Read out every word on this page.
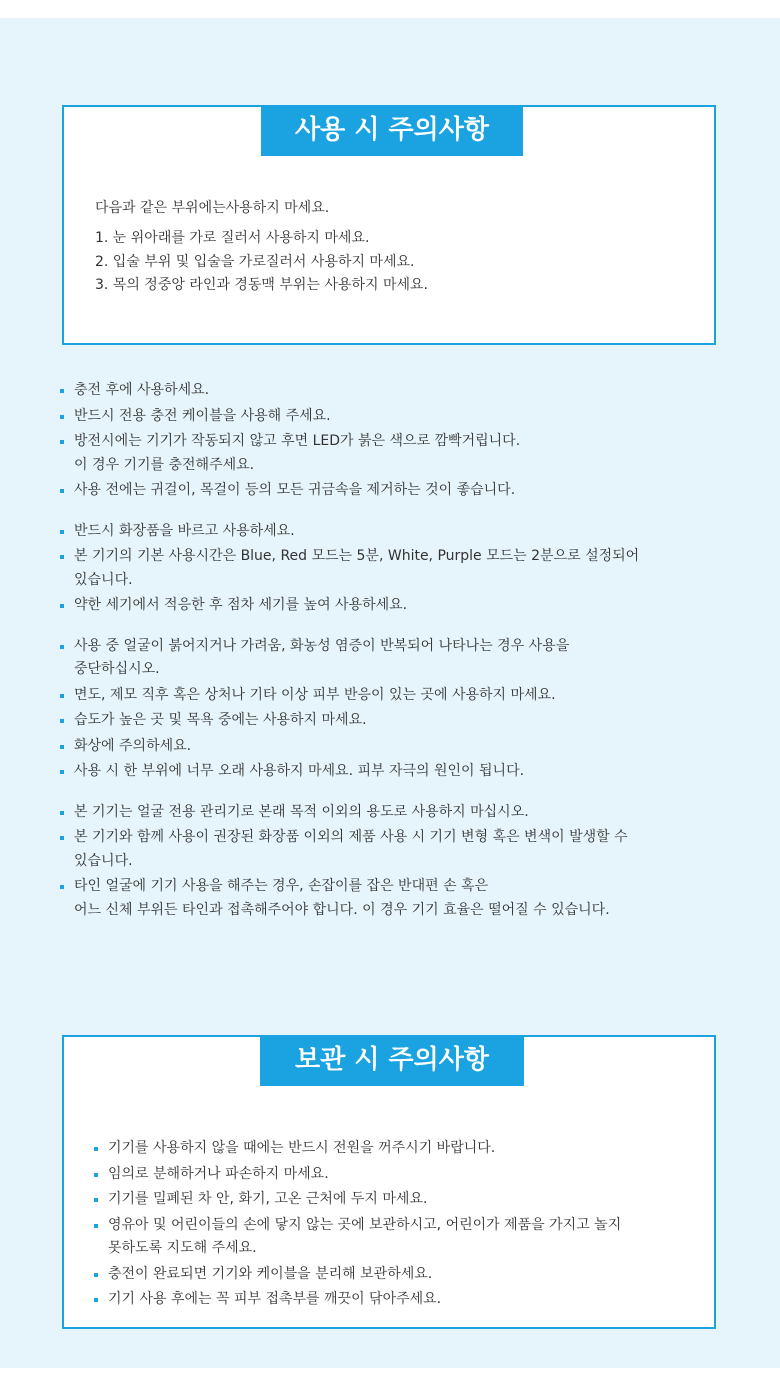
사용 시 주의사항
다음과 같은 부위에는사용하지 마세요.
1. 눈 위아래를 가로 질러서 사용하지 마세요.
2. 입술 부위 및 입술을 가로질러서 사용하지 마세요.
3. 목의 정중앙 라인과 경동맥 부위는 사용하지 마세요.
충전 후에 사용하세요.
반드시 전용 충전 케이블을 사용해 주세요.
방전시에는 기기가 작동되지 않고 후면 LED가 붉은 색으로 깜빡거립니다.
이 경우 기기를 충전해주세요.
사용 전에는 귀걸이, 목걸이 등의 모든 귀금속을 제거하는 것이 좋습니다.
반드시 화장품을 바르고 사용하세요.
본 기기의 기본 사용시간은 Blue, Red 모드는 5분, White, Purple 모드는 2분으로 설정되어
있습니다.
약한 세기에서 적응한 후 점차 세기를 높여 사용하세요.
사용 중 얼굴이 붉어지거나 가려움, 화농성 염증이 반복되어 나타나는 경우 사용을
중단하십시오.
면도, 제모 직후 혹은 상처나 기타 이상 피부 반응이 있는 곳에 사용하지 마세요.
습도가 높은 곳 및 목욕 중에는 사용하지 마세요.
화상에 주의하세요.
사용 시 한 부위에 너무 오래 사용하지 마세요. 피부 자극의 원인이 됩니다.
본 기기는 얼굴 전용 관리기로 본래 목적 이외의 용도로 사용하지 마십시오.
본 기기와 함께 사용이 권장된 화장품 이외의 제품 사용 시 기기 변형 혹은 변색이 발생할 수
있습니다.
타인 얼굴에 기기 사용을 해주는 경우, 손잡이를 잡은 반대편 손 혹은
어느 신체 부위든 타인과 접촉해주어야 합니다. 이 경우 기기 효율은 떨어질 수 있습니다.
보관 시 주의사항
기기를 사용하지 않을 때에는 반드시 전원을 꺼주시기 바랍니다.
임의로 분해하거나 파손하지 마세요.
기기를 밀폐된 차 안, 화기, 고온 근처에 두지 마세요.
영유아 및 어린이들의 손에 닿지 않는 곳에 보관하시고, 어린이가 제품을 가지고 놀지
못하도록 지도해 주세요.
충전이 완료되면 기기와 케이블을 분리해 보관하세요.
기기 사용 후에는 꼭 피부 접촉부를 깨끗이 닦아주세요.
